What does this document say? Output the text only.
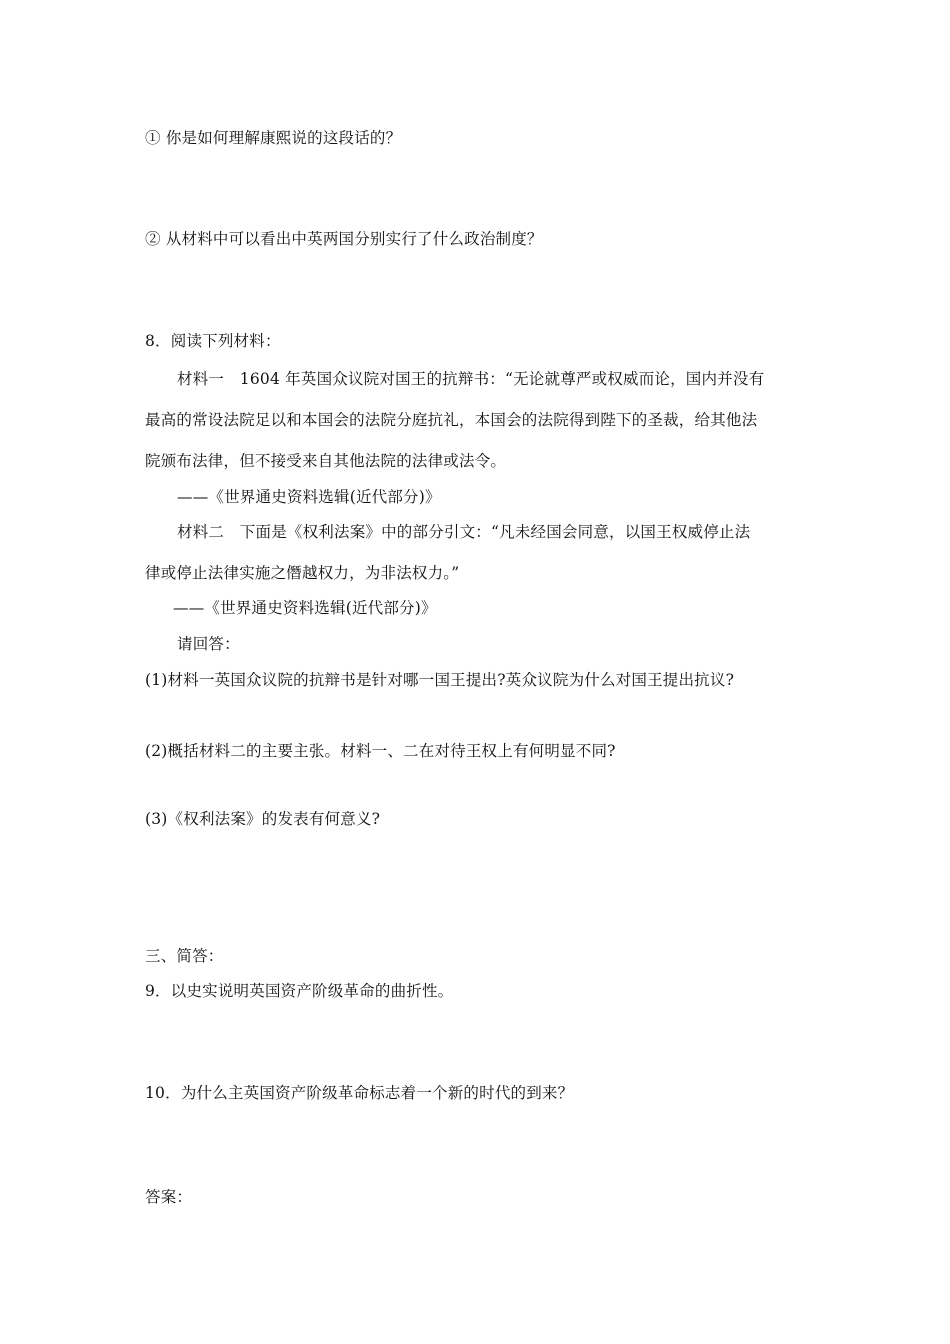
① 你是如何理解康熙说的这段话的？
② 从材料中可以看出中英两国分别实行了什么政治制度？
8．阅读下列材料：
材料一　1604 年英国众议院对国王的抗辩书：“无论就尊严或权威而论，国内并没有
最高的常设法院足以和本国会的法院分庭抗礼，本国会的法院得到陛下的圣裁，给其他法
院颁布法律，但不接受来自其他法院的法律或法令。
——《世界通史资料选辑(近代部分)》
材料二　下面是《权利法案》中的部分引文：“凡未经国会同意，以国王权威停止法
律或停止法律实施之僭越权力，为非法权力。”
——《世界通史资料选辑(近代部分)》
请回答：
(1)材料一英国众议院的抗辩书是针对哪一国王提出?英众议院为什么对国王提出抗议?
(2)概括材料二的主要主张。材料一、二在对待王权上有何明显不同?
(3)《权利法案》的发表有何意义?
三、简答：
9．以史实说明英国资产阶级革命的曲折性。
10．为什么主英国资产阶级革命标志着一个新的时代的到来？
答案：
